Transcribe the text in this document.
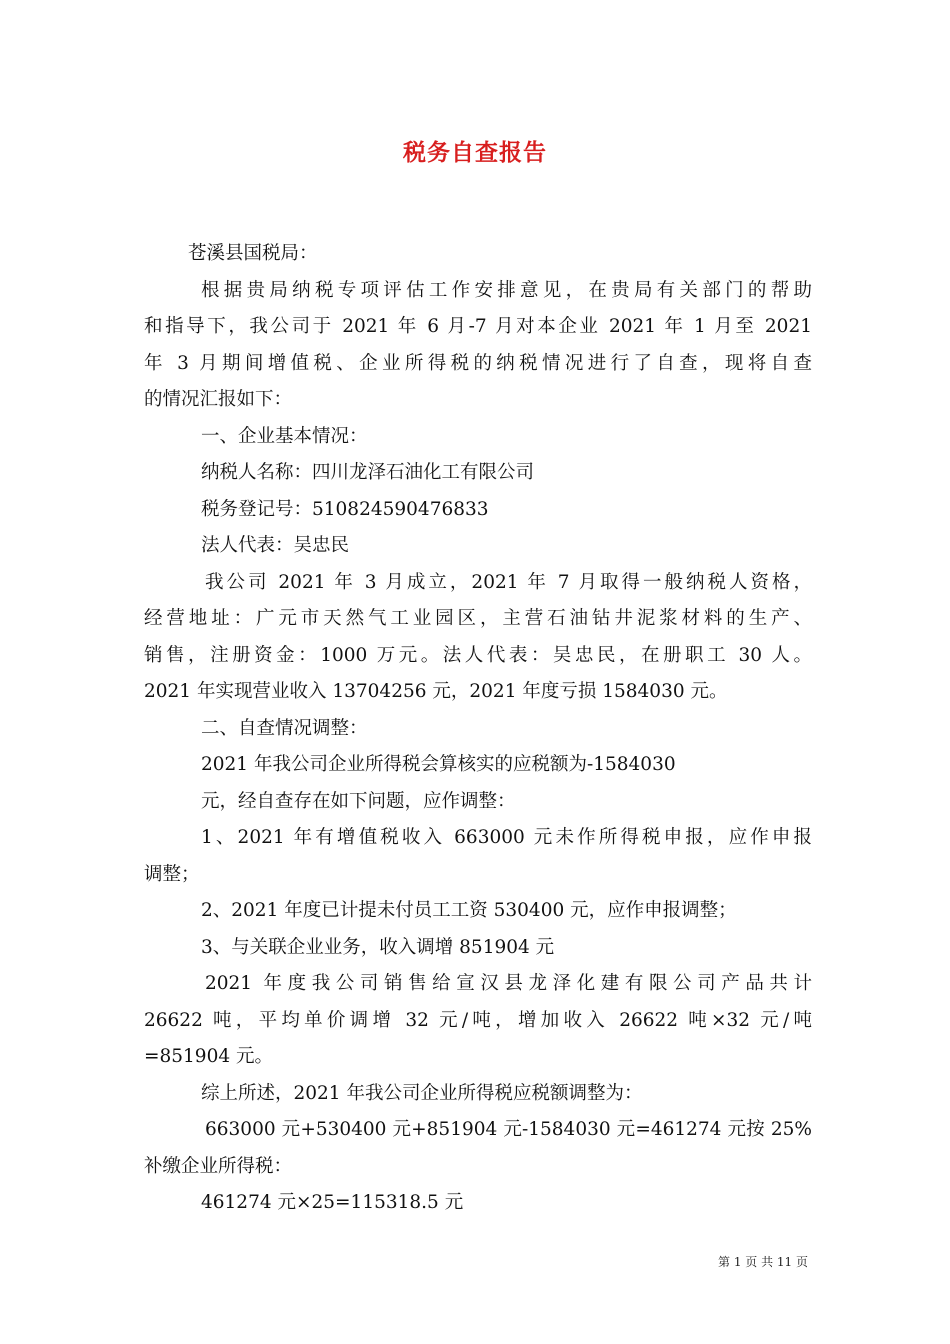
税务自查报告

苍溪县国税局：

根据贵局纳税专项评估工作安排意见，在贵局有关部门的帮助

和指导下，我公司于 2021 年 6 月-7 月对本企业 2021 年 1 月至 2021

年 3 月期间增值税、企业所得税的纳税情况进行了自查，现将自查

的情况汇报如下：

一、企业基本情况：

纳税人名称：四川龙泽石油化工有限公司

税务登记号：510824590476833

法人代表：吴忠民

我公司 2021 年 3 月成立，2021 年 7 月取得一般纳税人资格，

经营地址：广元市天然气工业园区，主营石油钻井泥浆材料的生产、

销售，注册资金：1000 万元。法人代表：吴忠民，在册职工 30 人。

2021 年实现营业收入 13704256 元，2021 年度亏损 1584030 元。

二、自查情况调整：

2021 年我公司企业所得税会算核实的应税额为-1584030

元，经自查存在如下问题，应作调整：

1、2021 年有增值税收入 663000 元未作所得税申报，应作申报

调整；

2、2021 年度已计提未付员工工资 530400 元，应作申报调整；

3、与关联企业业务，收入调增 851904 元

2021 年度我公司销售给宣汉县龙泽化建有限公司产品共计

26622 吨，平均单价调增 32 元/吨，增加收入 26622 吨×32 元/吨

=851904 元。

综上所述，2021 年我公司企业所得税应税额调整为：

663000 元+530400 元+851904 元-1584030 元=461274 元按 25%

补缴企业所得税：

461274 元×25=115318.5 元

第 1 页 共 11 页
